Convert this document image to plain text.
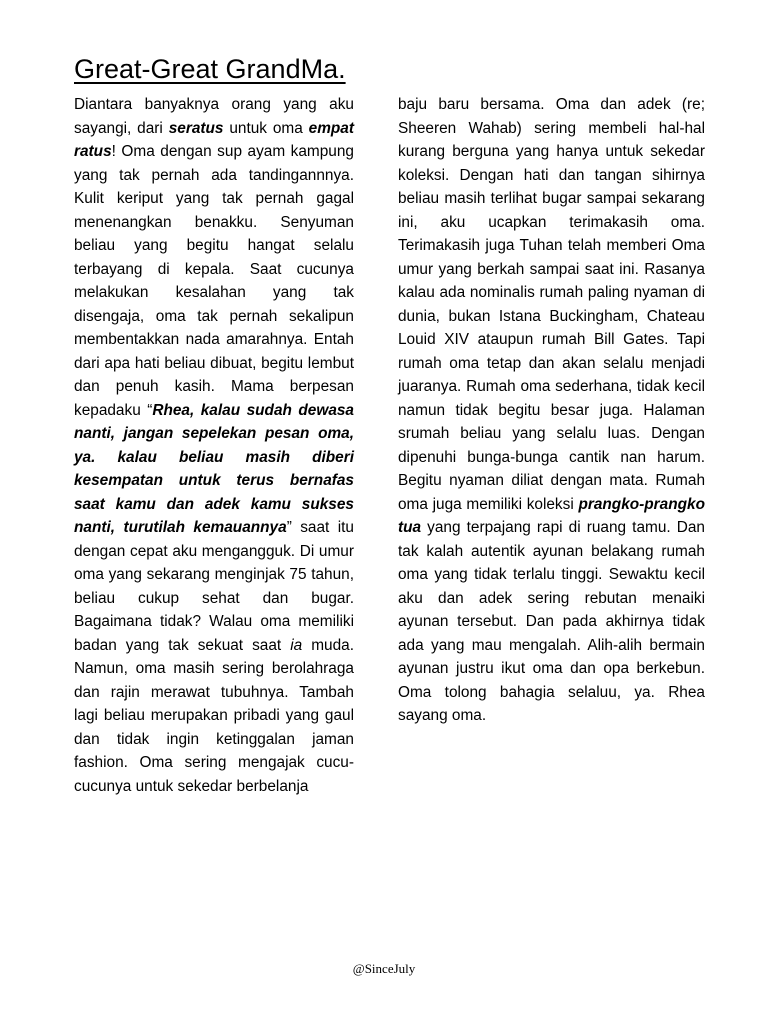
Great-Great GrandMa.

Diantara banyaknya orang yang aku sayangi, dari seratus untuk oma empat ratus! Oma dengan sup ayam kampung yang tak pernah ada tandingannnya. Kulit keriput yang tak pernah gagal menenangkan benakku. Senyuman beliau yang begitu hangat selalu terbayang di kepala. Saat cucunya melakukan kesalahan yang tak disengaja, oma tak pernah sekalipun membentakkan nada amarahnya. Entah dari apa hati beliau dibuat, begitu lembut dan penuh kasih. Mama berpesan kepadaku “Rhea, kalau sudah dewasa nanti, jangan sepelekan pesan oma, ya. kalau beliau masih diberi kesempatan untuk terus bernafas saat kamu dan adek kamu sukses nanti, turutilah kemauannya” saat itu dengan cepat aku mengangguk. Di umur oma yang sekarang menginjak 75 tahun, beliau cukup sehat dan bugar. Bagaimana tidak? Walau oma memiliki badan yang tak sekuat saat ia muda. Namun, oma masih sering berolahraga dan rajin merawat tubuhnya. Tambah lagi beliau merupakan pribadi yang gaul dan tidak ingin ketinggalan jaman fashion. Oma sering mengajak cucu-cucunya untuk sekedar berbelanja

baju baru bersama. Oma dan adek (re; Sheeren Wahab) sering membeli hal-hal kurang berguna yang hanya untuk sekedar koleksi. Dengan hati dan tangan sihirnya beliau masih terlihat bugar sampai sekarang ini, aku ucapkan terimakasih oma. Terimakasih juga Tuhan telah memberi Oma umur yang berkah sampai saat ini. Rasanya kalau ada nominalis rumah paling nyaman di dunia, bukan Istana Buckingham, Chateau Louid XIV ataupun rumah Bill Gates. Tapi rumah oma tetap dan akan selalu menjadi juaranya. Rumah oma sederhana, tidak kecil namun tidak begitu besar juga. Halaman srumah beliau yang selalu luas. Dengan dipenuhi bunga-bunga cantik nan harum. Begitu nyaman diliat dengan mata. Rumah oma juga memiliki koleksi prangko-prangko tua yang terpajang rapi di ruang tamu. Dan tak kalah autentik ayunan belakang rumah oma yang tidak terlalu tinggi. Sewaktu kecil aku dan adek sering rebutan menaiki ayunan tersebut. Dan pada akhirnya tidak ada yang mau mengalah. Alih-alih bermain ayunan justru ikut oma dan opa berkebun. Oma tolong bahagia selaluu, ya. Rhea sayang oma.

@SinceJuly
